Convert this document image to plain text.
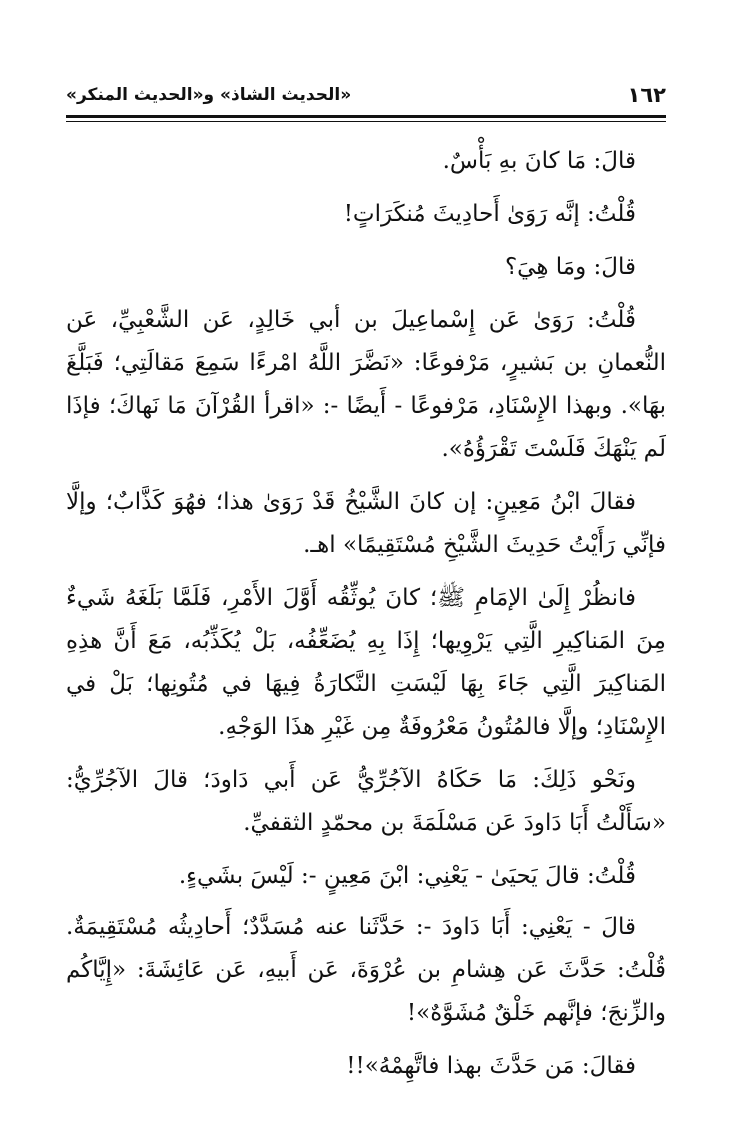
١٦٢
«الحديث الشاذ» و«الحديث المنكر»

قالَ: مَا كانَ بهِ بَأْسٌ.

قُلْتُ: إنَّه رَوَىٰ أَحادِيثَ مُنكَرَاتٍ!

قالَ: ومَا هِيَ؟

قُلْتُ: رَوَىٰ عَن إِسْماعِيلَ بن أبي خَالِدٍ، عَن الشَّعْبِيِّ، عَن النُّعمانِ بن بَشيرٍ، مَرْفوعًا: «نَضَّرَ اللَّهُ امْرءًا سَمِعَ مَقالَتِي؛ فَبَلَّغَ بهَا». وبهذا الإِسْنَادِ، مَرْفوعًا - أَيضًا -: «اقرأ القُرْآنَ مَا نَهاكَ؛ فإذَا لَم يَنْهَكَ فَلَسْتَ تَقْرَؤُهُ».

فقالَ ابْنُ مَعِينٍ: إن كانَ الشَّيْخُ قَدْ رَوَىٰ هذا؛ فهُوَ كَذَّابٌ؛ وإلَّا فإنِّي رَأَيْتُ حَدِيثَ الشَّيْخِ مُسْتَقِيمًا» اهـ.

فانظُرْ إِلَىٰ الإمَامِ ﷺ؛ كانَ يُوثِّقُه أَوَّلَ الأَمْرِ، فَلَمَّا بَلَغَهُ شَيءٌ مِنَ المَناكِيرِ الَّتِي يَرْوِيها؛ إِذَا بِهِ يُضَعِّفُه، بَلْ يُكَذِّبُه، مَعَ أَنَّ هذِهِ المَناكِيرَ الَّتِي جَاءَ بِهَا لَيْسَتِ النَّكارَةُ فِيهَا في مُتُونِها؛ بَلْ في الإِسْنَادِ؛ وإلَّا فالمُتُونُ مَعْرُوفَةٌ مِن غَيْرِ هذَا الوَجْهِ.

ونَحْو ذَلِكَ: مَا حَكَاهُ الآجُرِّيُّ عَن أَبي دَاودَ؛ قالَ الآجُرِّيُّ: «سَأَلْتُ أَبَا دَاودَ عَن مَسْلَمَةَ بن محمّدٍ الثقفيِّ.

قُلْتُ: قالَ يَحيَىٰ - يَعْنِي: ابْنَ مَعِينٍ -: لَيْسَ بشَيءٍ.

قالَ - يَعْنِي: أَبَا دَاودَ -: حَدَّثَنا عنه مُسَدَّدٌ؛ أَحادِيثُه مُسْتَقِيمَةٌ. قُلْتُ: حَدَّثَ عَن هِشامِ بن عُرْوَةَ، عَن أَبيهِ، عَن عَائِشَةَ: «إِيَّاكُم والزِّنجَ؛ فإنَّهم خَلْقٌ مُشَوَّهٌ»!

فقالَ: مَن حَدَّثَ بهذا فاتَّهِمْهُ»!!
